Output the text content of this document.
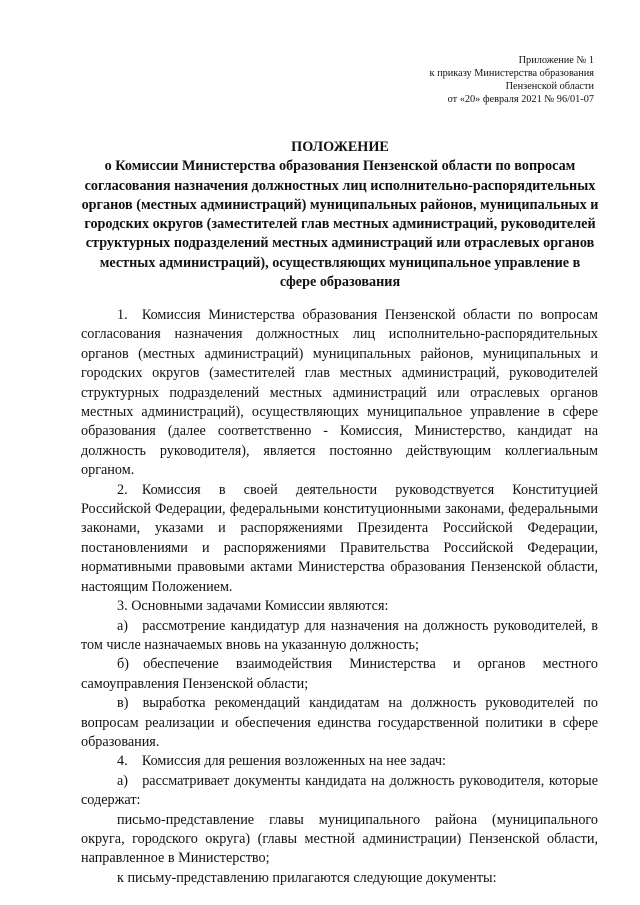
Приложение № 1
к приказу Министерства образования
Пензенской области
от «20» февраля 2021 № 96/01-07
ПОЛОЖЕНИЕ
о Комиссии Министерства образования Пензенской области по вопросам согласования назначения должностных лиц исполнительно-распорядительных органов (местных администраций) муниципальных районов, муниципальных и городских округов (заместителей глав местных администраций, руководителей структурных подразделений местных администраций или отраслевых органов местных администраций), осуществляющих муниципальное управление в сфере образования

1. Комиссия Министерства образования Пензенской области по вопросам согласования назначения должностных лиц исполнительно-распорядительных органов (местных администраций) муниципальных районов, муниципальных и городских округов (заместителей глав местных администраций, руководителей структурных подразделений местных администраций или отраслевых органов местных администраций), осуществляющих муниципальное управление в сфере образования (далее соответственно - Комиссия, Министерство, кандидат на должность руководителя), является постоянно действующим коллегиальным органом.

2. Комиссия в своей деятельности руководствуется Конституцией Российской Федерации, федеральными конституционными законами, федеральными законами, указами и распоряжениями Президента Российской Федерации, постановлениями и распоряжениями Правительства Российской Федерации, нормативными правовыми актами Министерства образования Пензенской области, настоящим Положением.

3. Основными задачами Комиссии являются:

а) рассмотрение кандидатур для назначения на должность руководителей, в том числе назначаемых вновь на указанную должность;

б) обеспечение взаимодействия Министерства и органов местного самоуправления Пензенской области;

в) выработка рекомендаций кандидатам на должность руководителей по вопросам реализации и обеспечения единства государственной политики в сфере образования.

4. Комиссия для решения возложенных на нее задач:

а) рассматривает документы кандидата на должность руководителя, которые содержат:

письмо-представление главы муниципального района (муниципального округа, городского округа) (главы местной администрации) Пензенской области, направленное в Министерство;

к письму-представлению прилагаются следующие документы:
